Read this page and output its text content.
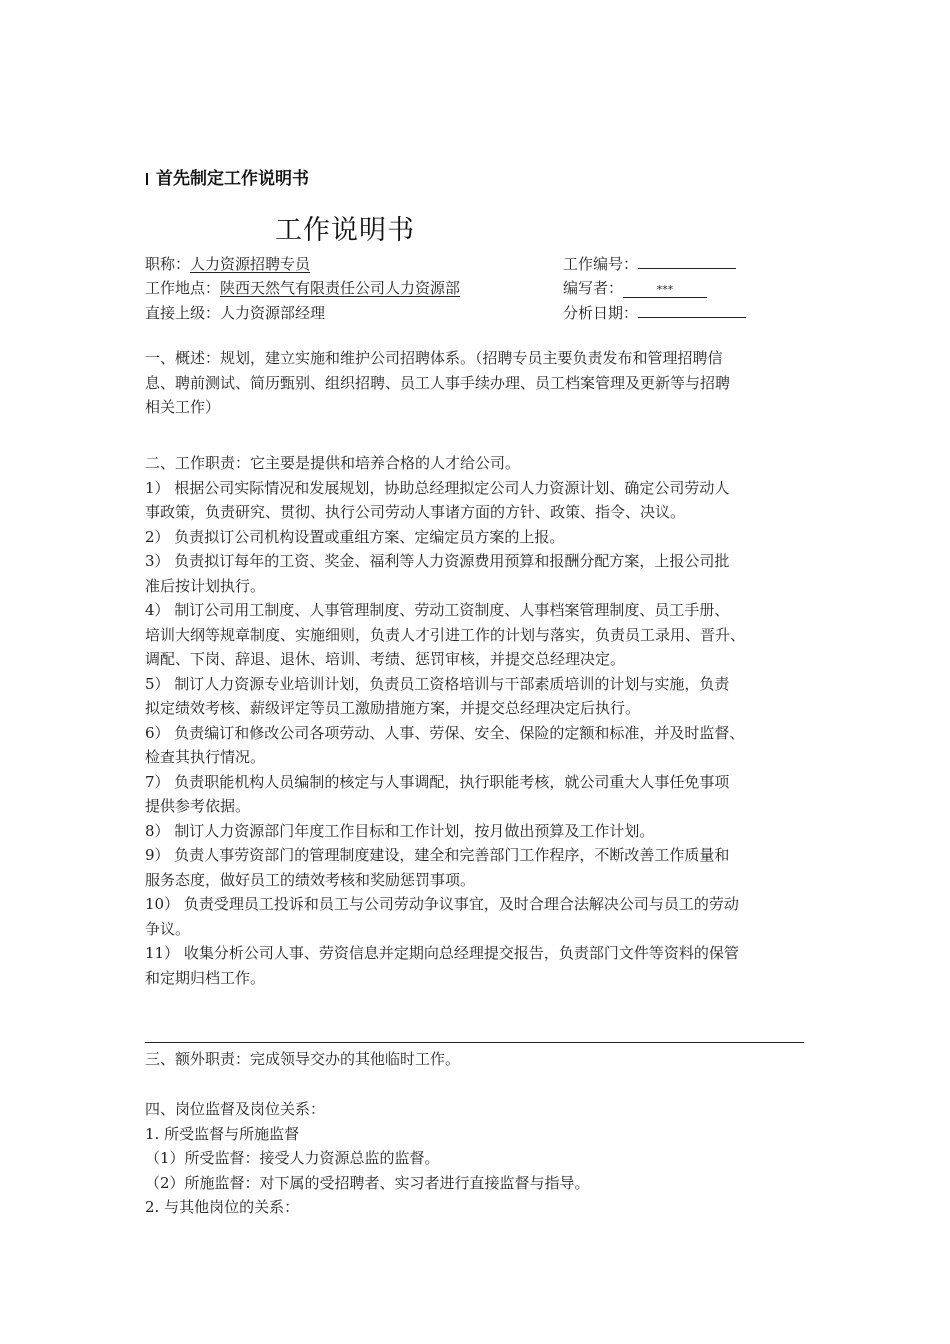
首先制定工作说明书
工作说明书
职称：人力资源招聘专员
工作地点：陕西天然气有限责任公司人力资源部
直接上级：人力资源部经理
工作编号：
编写者：	***
分析日期：
一、概述：规划，建立实施和维护公司招聘体系。（招聘专员主要负责发布和管理招聘信
息、聘前测试、简历甄别、组织招聘、员工人事手续办理、员工档案管理及更新等与招聘
相关工作）
二、工作职责：它主要是提供和培养合格的人才给公司。
1） 根据公司实际情况和发展规划，协助总经理拟定公司人力资源计划、确定公司劳动人
事政策，负责研究、贯彻、执行公司劳动人事诸方面的方针、政策、指令、决议。
2） 负责拟订公司机构设置或重组方案、定编定员方案的上报。
3） 负责拟订每年的工资、奖金、福利等人力资源费用预算和报酬分配方案，上报公司批
准后按计划执行。
4） 制订公司用工制度、人事管理制度、劳动工资制度、人事档案管理制度、员工手册、
培训大纲等规章制度、实施细则，负责人才引进工作的计划与落实，负责员工录用、晋升、
调配、下岗、辞退、退休、培训、考绩、惩罚审核，并提交总经理决定。
5） 制订人力资源专业培训计划，负责员工资格培训与干部素质培训的计划与实施，负责
拟定绩效考核、薪级评定等员工激励措施方案，并提交总经理决定后执行。
6） 负责编订和修改公司各项劳动、人事、劳保、安全、保险的定额和标准，并及时监督、
检查其执行情况。
7） 负责职能机构人员编制的核定与人事调配，执行职能考核，就公司重大人事任免事项
提供参考依据。
8） 制订人力资源部门年度工作目标和工作计划，按月做出预算及工作计划。
9） 负责人事劳资部门的管理制度建设，建全和完善部门工作程序，不断改善工作质量和
服务态度，做好员工的绩效考核和奖励惩罚事项。
10） 负责受理员工投诉和员工与公司劳动争议事宜，及时合理合法解决公司与员工的劳动
争议。
11） 收集分析公司人事、劳资信息并定期向总经理提交报告，负责部门文件等资料的保管
和定期归档工作。
三、额外职责：完成领导交办的其他临时工作。
四、岗位监督及岗位关系：
1. 所受监督与所施监督
（1）所受监督：接受人力资源总监的监督。
（2）所施监督：对下属的受招聘者、实习者进行直接监督与指导。
2. 与其他岗位的关系：
